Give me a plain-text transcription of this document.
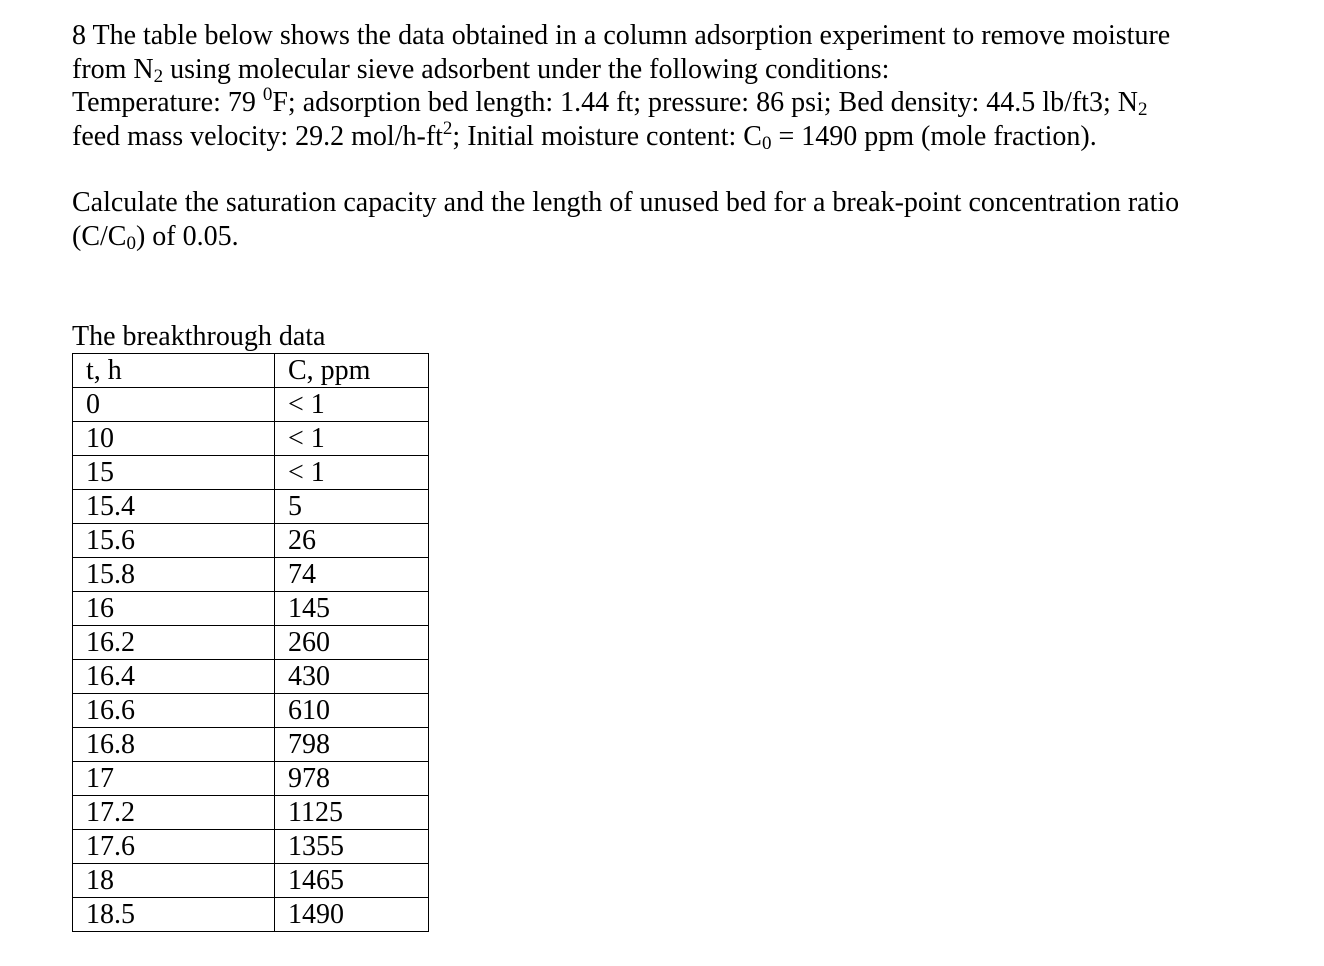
8 The table below shows the data obtained in a column adsorption experiment to remove moisture

from $N_2$ using molecular sieve adsorbent under the following conditions:

Temperature: 79 $^0$F; adsorption bed length: 1.44 ft; pressure: 86 psi; Bed density: 44.5 lb/ft3; $N_2$

feed mass velocity: 29.2 mol/$h-ft^2$; Initial moisture content: $C_0 = 1490$ ppm (mole fraction).

Calculate the saturation capacity and the length of unused bed for a break-point concentration ratio

$(C/C_0)$ of 0.05.

The breakthrough data
t, h	C, ppm
0	< 1
10	< 1
15	< 1
15.4	5
15.6	26
15.8	74
16	145
16.2	260
16.4	430
16.6	610
16.8	798
17	978
17.2	1125
17.6	1355
18	1465
18.5	1490
